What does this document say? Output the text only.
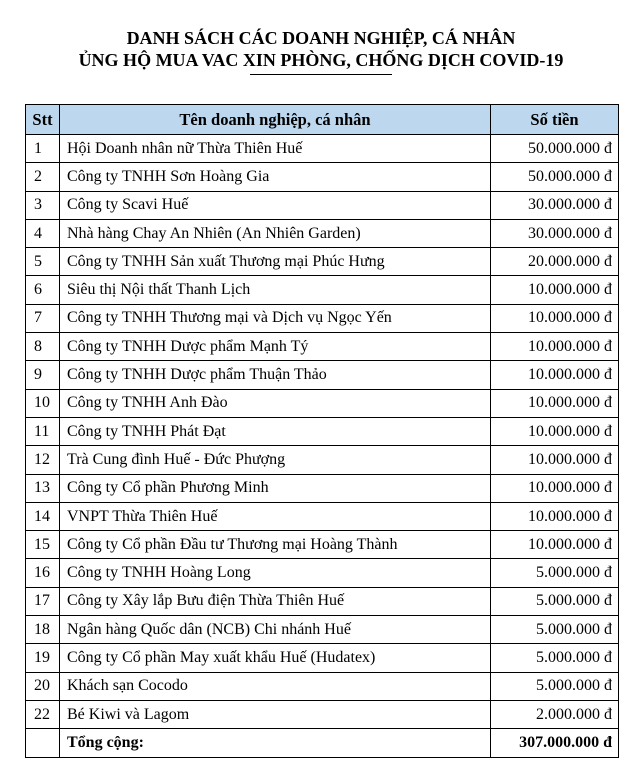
DANH SÁCH CÁC DOANH NGHIỆP, CÁ NHÂN
ỦNG HỘ MUA VAC XIN PHÒNG, CHỐNG DỊCH COVID-19
Stt	Tên doanh nghiệp, cá nhân	Số tiền
1	Hội Doanh nhân nữ Thừa Thiên Huế	50.000.000 đ
2	Công ty TNHH Sơn Hoàng Gia	50.000.000 đ
3	Công ty Scavi Huế	30.000.000 đ
4	Nhà hàng Chay An Nhiên (An Nhiên Garden)	30.000.000 đ
5	Công ty TNHH Sản xuất Thương mại Phúc Hưng	20.000.000 đ
6	Siêu thị Nội thất Thanh Lịch	10.000.000 đ
7	Công ty TNHH Thương mại và Dịch vụ Ngọc Yến	10.000.000 đ
8	Công ty TNHH Dược phẩm Mạnh Tý	10.000.000 đ
9	Công ty TNHH Dược phẩm Thuận Thảo	10.000.000 đ
10	Công ty TNHH Anh Đào	10.000.000 đ
11	Công ty TNHH Phát Đạt	10.000.000 đ
12	Trà Cung đình Huế - Đức Phượng	10.000.000 đ
13	Công ty Cổ phần Phương Minh	10.000.000 đ
14	VNPT Thừa Thiên Huế	10.000.000 đ
15	Công ty Cổ phần Đầu tư Thương mại Hoàng Thành	10.000.000 đ
16	Công ty TNHH Hoàng Long	5.000.000 đ
17	Công ty Xây lắp Bưu điện Thừa Thiên Huế	5.000.000 đ
18	Ngân hàng Quốc dân (NCB) Chi nhánh Huế	5.000.000 đ
19	Công ty Cổ phần May xuất khẩu Huế (Hudatex)	5.000.000 đ
20	Khách sạn Cocodo	5.000.000 đ
22	Bé Kiwi và Lagom	2.000.000 đ
	Tổng cộng:	307.000.000 đ
